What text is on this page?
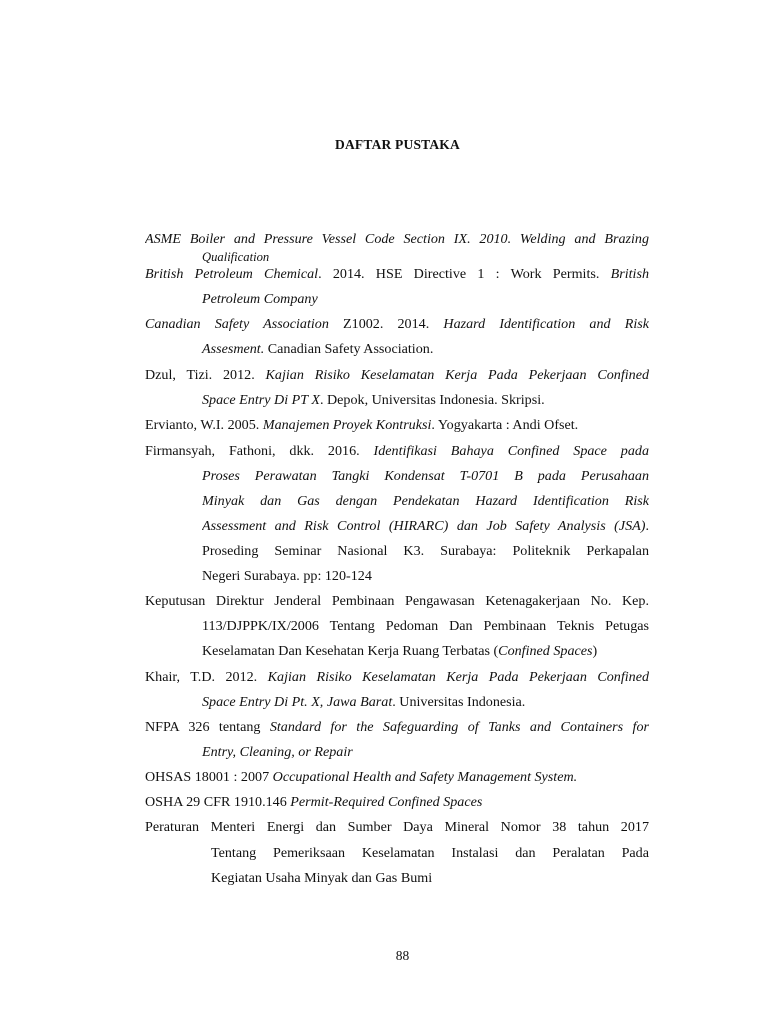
DAFTAR PUSTAKA
ASME Boiler and Pressure Vessel Code Section IX. 2010. Welding and Brazing
Qualification
British Petroleum Chemical. 2014. HSE Directive 1 : Work Permits. British
Petroleum Company
Canadian Safety Association Z1002. 2014. Hazard Identification and Risk
Assesment. Canadian Safety Association.
Dzul, Tizi. 2012. Kajian Risiko Keselamatan Kerja Pada Pekerjaan Confined
Space Entry Di PT X. Depok, Universitas Indonesia. Skripsi.
Ervianto, W.I. 2005. Manajemen Proyek Kontruksi. Yogyakarta : Andi Ofset.
Firmansyah, Fathoni, dkk. 2016. Identifikasi Bahaya Confined Space pada
Proses Perawatan Tangki Kondensat T-0701 B pada Perusahaan
Minyak dan Gas dengan Pendekatan Hazard Identification Risk
Assessment and Risk Control (HIRARC) dan Job Safety Analysis (JSA).
Proseding Seminar Nasional K3. Surabaya: Politeknik Perkapalan
Negeri Surabaya. pp: 120-124
Keputusan Direktur Jenderal Pembinaan Pengawasan Ketenagakerjaan No. Kep.
113/DJPPK/IX/2006 Tentang Pedoman Dan Pembinaan Teknis Petugas
Keselamatan Dan Kesehatan Kerja Ruang Terbatas (Confined Spaces)
Khair, T.D. 2012. Kajian Risiko Keselamatan Kerja Pada Pekerjaan Confined
Space Entry Di Pt. X, Jawa Barat. Universitas Indonesia.
NFPA 326 tentang Standard for the Safeguarding of Tanks and Containers for
Entry, Cleaning, or Repair
OHSAS 18001 : 2007 Occupational Health and Safety Management System.
OSHA 29 CFR 1910.146 Permit-Required Confined Spaces
Peraturan Menteri Energi dan Sumber Daya Mineral Nomor 38 tahun 2017
Tentang Pemeriksaan Keselamatan Instalasi dan Peralatan Pada
Kegiatan Usaha Minyak dan Gas Bumi
88
